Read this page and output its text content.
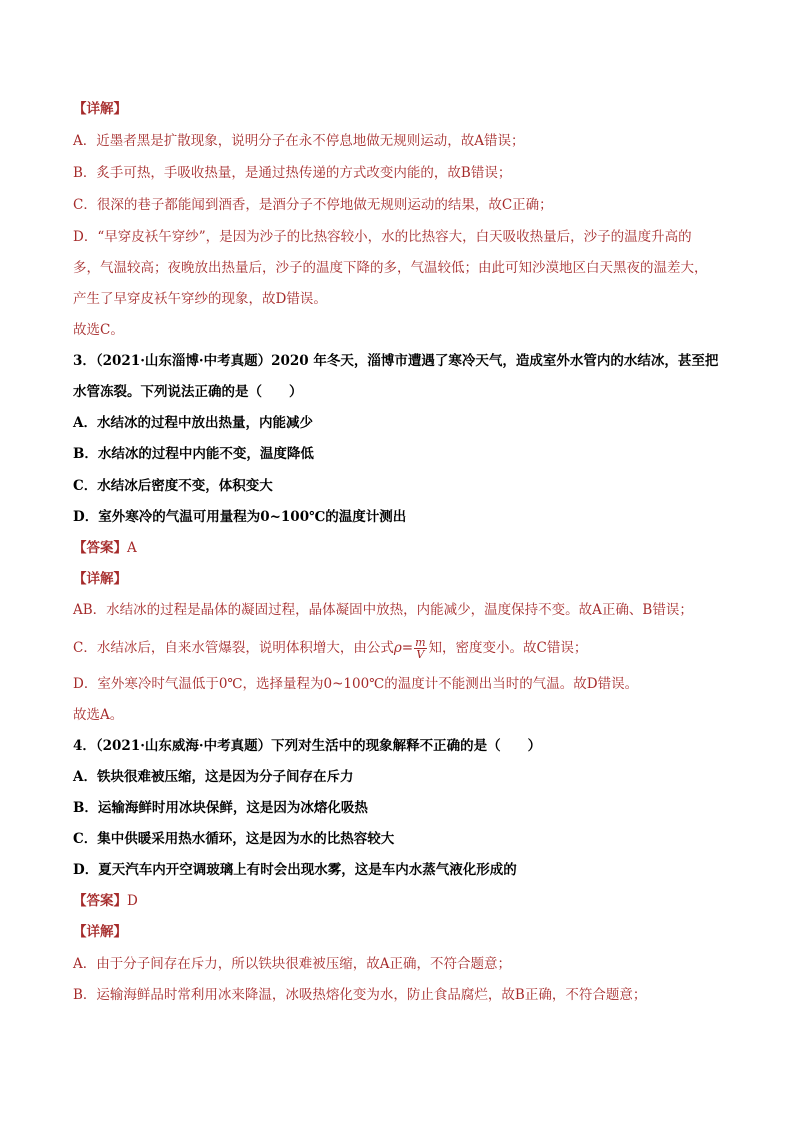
【详解】
A．近墨者黑是扩散现象，说明分子在永不停息地做无规则运动，故A错误；
B．炙手可热，手吸收热量，是通过热传递的方式改变内能的，故B错误；
C．很深的巷子都能闻到酒香，是酒分子不停地做无规则运动的结果，故C正确；
D．“早穿皮袄午穿纱”，是因为沙子的比热容较小，水的比热容大，白天吸收热量后，沙子的温度升高的
多，气温较高；夜晚放出热量后，沙子的温度下降的多，气温较低；由此可知沙漠地区白天黑夜的温差大，
产生了早穿皮袄午穿纱的现象，故D错误。
故选C。
3．（2021·山东淄博·中考真题）2020 年冬天，淄博市遭遇了寒冷天气，造成室外水管内的水结冰，甚至把
水管冻裂。下列说法正确的是（　　）
A．水结冰的过程中放出热量，内能减少
B．水结冰的过程中内能不变，温度降低
C．水结冰后密度不变，体积变大
D．室外寒冷的气温可用量程为0~100℃的温度计测出
【答案】A
【详解】
AB．水结冰的过程是晶体的凝固过程，晶体凝固中放热，内能减少，温度保持不变。故A正确、B错误；
C．水结冰后，自来水管爆裂，说明体积增大，由公式$\rho= \frac{m}{V}$ 知，密度变小。故C错误；
D．室外寒冷时气温低于0℃，选择量程为0~100℃的温度计不能测出当时的气温。故D错误。
故选A。
4．（2021·山东威海·中考真题）下列对生活中的现象解释不正确的是（　　）
A．铁块很难被压缩，这是因为分子间存在斥力
B．运输海鲜时用冰块保鲜，这是因为冰熔化吸热
C．集中供暖采用热水循环，这是因为水的比热容较大
D．夏天汽车内开空调玻璃上有时会出现水雾，这是车内水蒸气液化形成的
【答案】D
【详解】
A．由于分子间存在斥力，所以铁块很难被压缩，故A正确，不符合题意；
B．运输海鲜品时常利用冰来降温，冰吸热熔化变为水，防止食品腐烂，故B正确，不符合题意；
